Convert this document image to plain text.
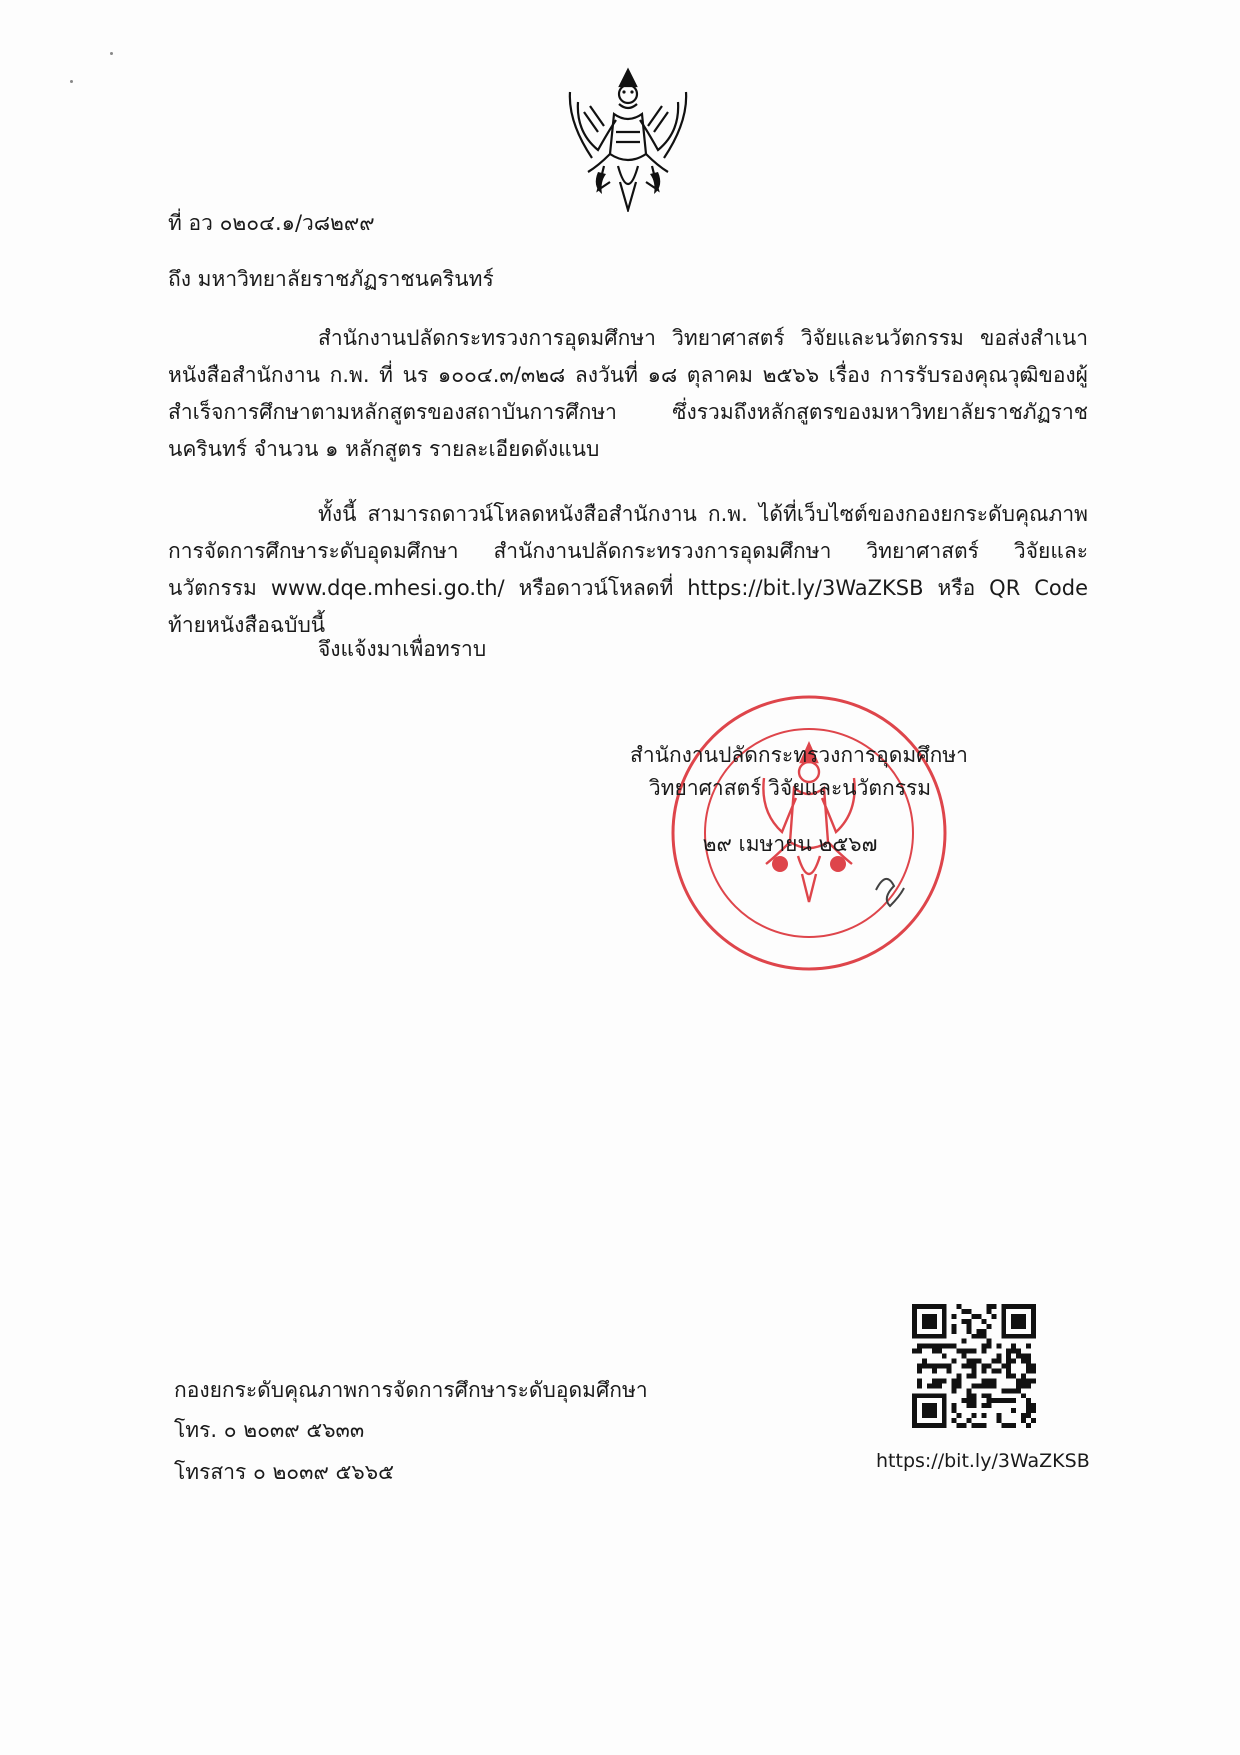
ที่ อว ๐๒๐๔.๑/ว๘๒๙๙
ถึง มหาวิทยาลัยราชภัฏราชนครินทร์
สำนักงานปลัดกระทรวงการอุดมศึกษา วิทยาศาสตร์ วิจัยและนวัตกรรม ขอส่งสำเนาหนังสือสำนักงาน ก.พ. ที่ นร ๑๐๐๔.๓/๓๒๘ ลงวันที่ ๑๘ ตุลาคม ๒๕๖๖ เรื่อง การรับรองคุณวุฒิของผู้สำเร็จการศึกษาตามหลักสูตรของสถาบันการศึกษา ซึ่งรวมถึงหลักสูตรของมหาวิทยาลัยราชภัฏราชนครินทร์ จำนวน ๑ หลักสูตร รายละเอียดดังแนบ
ทั้งนี้ สามารถดาวน์โหลดหนังสือสำนักงาน ก.พ. ได้ที่เว็บไซต์ของกองยกระดับคุณภาพการจัดการศึกษาระดับอุดมศึกษา สำนักงานปลัดกระทรวงการอุดมศึกษา วิทยาศาสตร์ วิจัยและนวัตกรรม www.dqe.mhesi.go.th/ หรือดาวน์โหลดที่ https://bit.ly/3WaZKSB หรือ QR Code ท้ายหนังสือฉบับนี้
จึงแจ้งมาเพื่อทราบ
สำนักงานปลัดกระทรวงการอุดมศึกษา
วิทยาศาสตร์ วิจัยและนวัตกรรม
๒๙ เมษายน ๒๕๖๗
กองยกระดับคุณภาพการจัดการศึกษาระดับอุดมศึกษา
โทร. ๐ ๒๐๓๙ ๕๖๓๓
โทรสาร ๐ ๒๐๓๙ ๕๖๖๕	https://bit.ly/3WaZKSB
